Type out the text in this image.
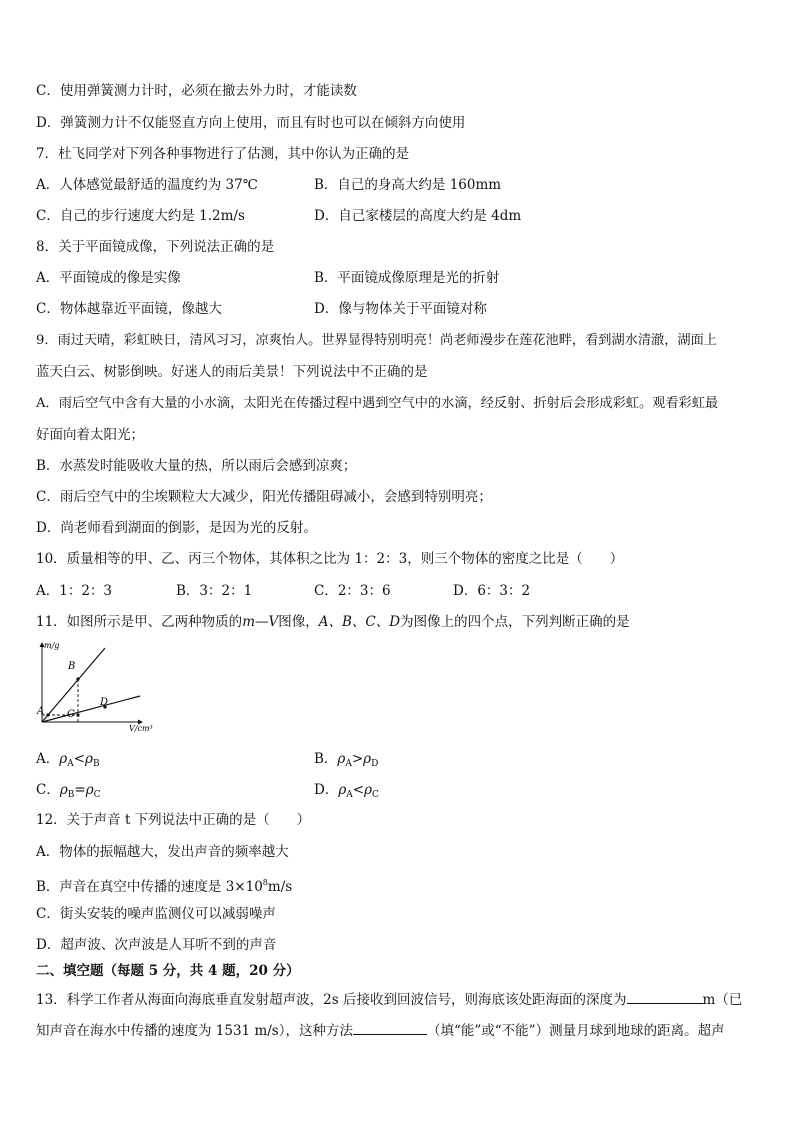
C．使用弹簧测力计时，必须在撤去外力时，才能读数
D．弹簧测力计不仅能竖直方向上使用，而且有时也可以在倾斜方向使用
7．杜飞同学对下列各种事物进行了估测，其中你认为正确的是
A．人体感觉最舒适的温度约为 37℃	B．自己的身高大约是 160mm
C．自己的步行速度大约是 1.2m/s	D．自己家楼层的高度大约是 4dm
8．关于平面镜成像，下列说法正确的是
A．平面镜成的像是实像	B．平面镜成像原理是光的折射
C．物体越靠近平面镜，像越大	D．像与物体关于平面镜对称
9．雨过天晴，彩虹映日，清风习习，凉爽怡人。世界显得特别明亮！尚老师漫步在莲花池畔，看到湖水清澈，湖面上
蓝天白云、树影倒映。好迷人的雨后美景！下列说法中不正确的是
A．雨后空气中含有大量的小水滴，太阳光在传播过程中遇到空气中的水滴，经反射、折射后会形成彩虹。观看彩虹最
好面向着太阳光；
B．水蒸发时能吸收大量的热，所以雨后会感到凉爽；
C．雨后空气中的尘埃颗粒大大减少，阳光传播阻碍减小，会感到特别明亮；
D．尚老师看到湖面的倒影，是因为光的反射。
10．质量相等的甲、乙、丙三个物体，其体积之比为 1：2：3，则三个物体的密度之比是（　　）
A．1：2：3	B．3：2：1	C．2：3：6	D．6：3：2
11．如图所示是甲、乙两种物质的m—V图像，A、B、C、D为图像上的四个点，下列判断正确的是
m/g
A
B
C
D
V/cm³
A．$\rho_A<\rho_B$	B．$\rho_A>\rho_D$
C．$\rho_B=\rho_C$	D．$\rho_A<\rho_C$
12．关于声音 t 下列说法中正确的是（　　）
A．物体的振幅越大，发出声音的频率越大
B．声音在真空中传播的速度是 $3\times 10^8m/s$
C．街头安装的噪声监测仪可以减弱噪声
D．超声波、次声波是人耳听不到的声音
二、填空题（每题 5 分，共 4 题，20 分）
13．科学工作者从海面向海底垂直发射超声波，2s 后接收到回波信号，则海底该处距海面的深度为	m（已
知声音在海水中传播的速度为 1531 m/s），这种方法	（填“能”或“不能”）测量月球到地球的距离。超声
